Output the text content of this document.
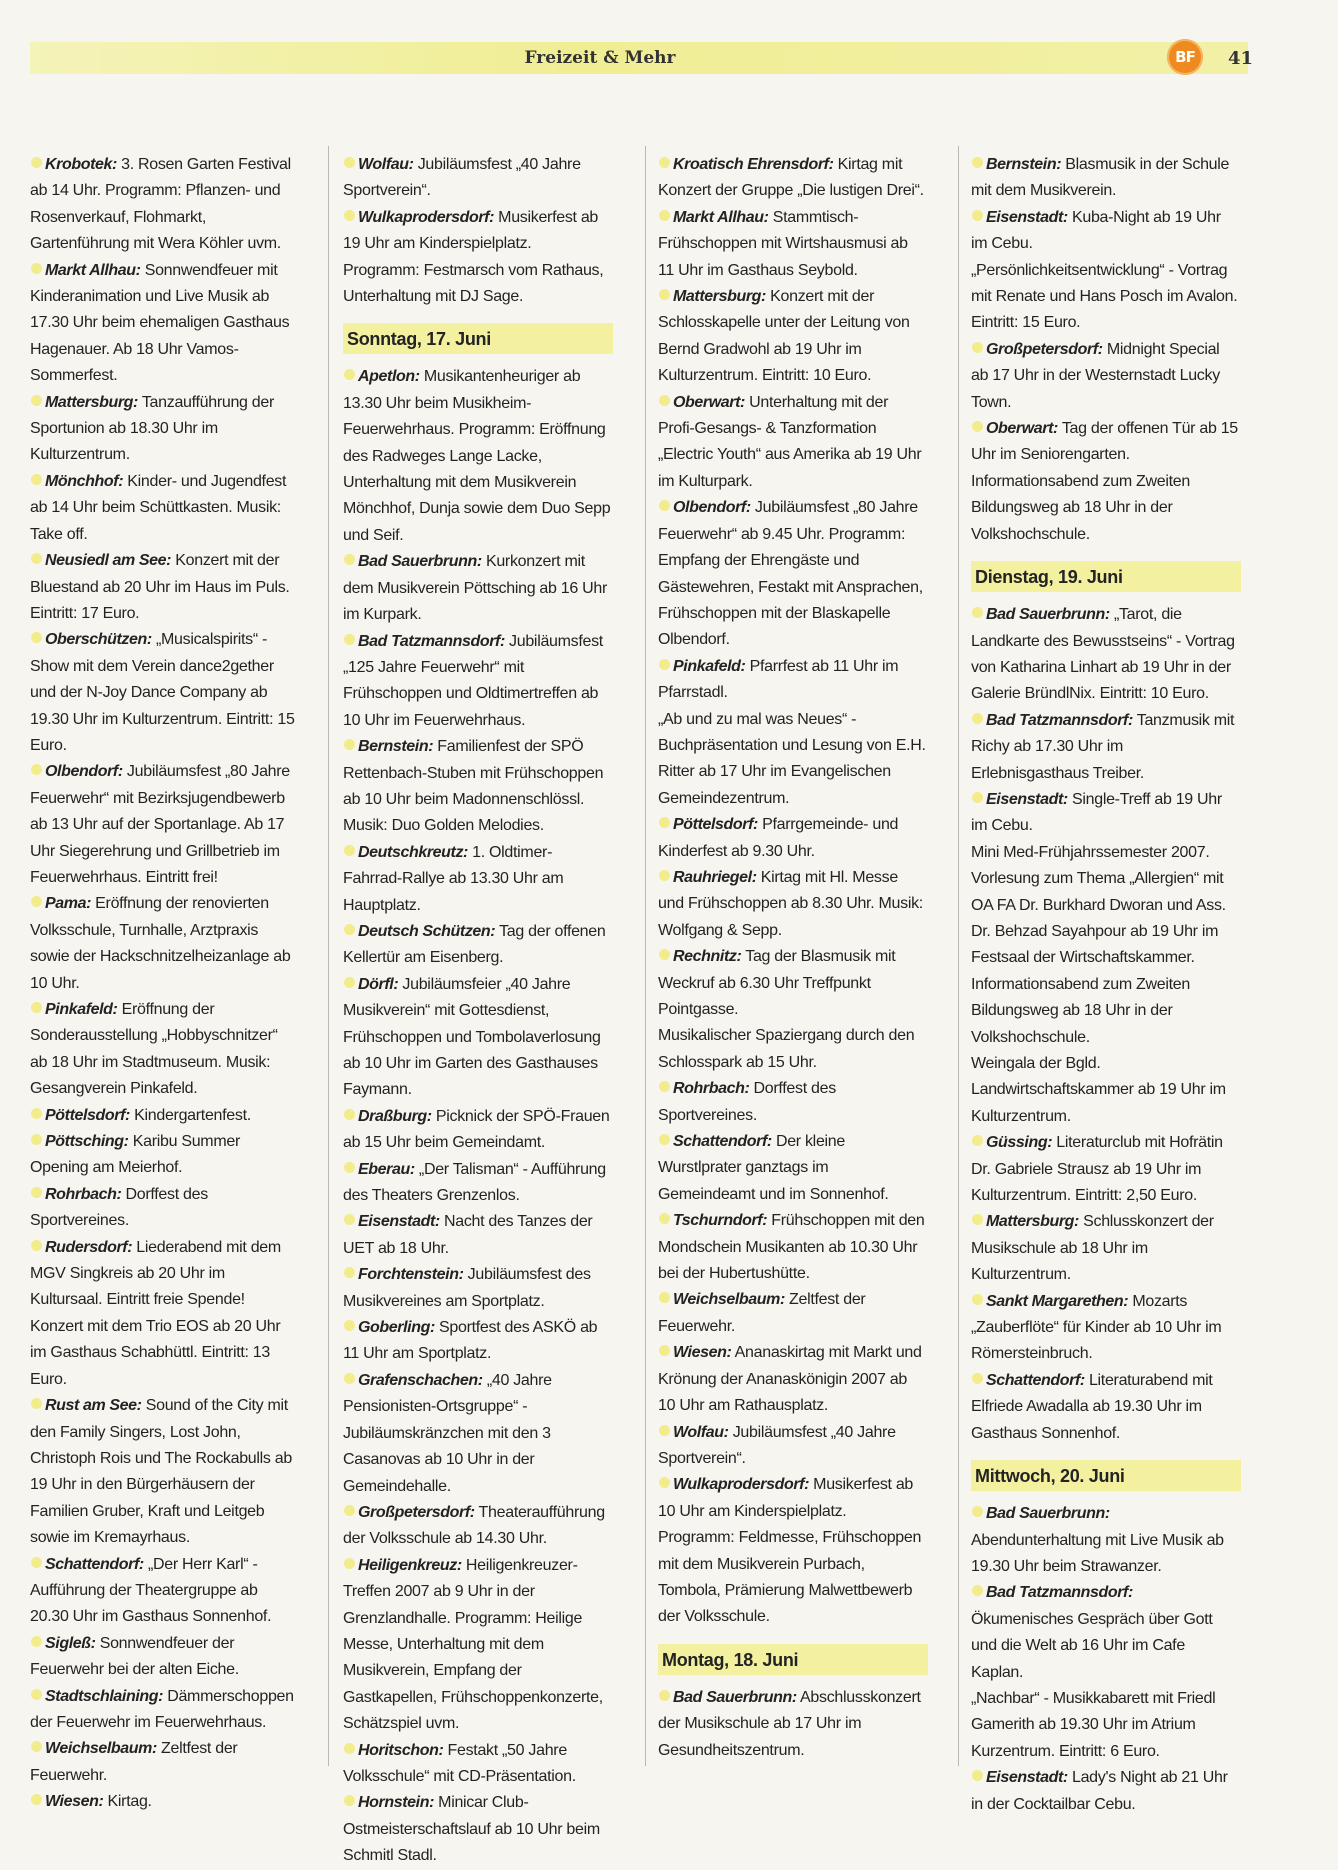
Freizeit & Mehr	BF	41

Krobotek: 3. Rosen Garten Festival ab 14 Uhr. Programm: Pflanzen- und Rosenverkauf, Flohmarkt, Gartenführung mit Wera Köhler uvm.

Markt Allhau: Sonnwendfeuer mit Kinderanimation und Live Musik ab 17.30 Uhr beim ehemaligen Gasthaus Hagenauer. Ab 18 Uhr Vamos-Sommerfest.

Mattersburg: Tanzaufführung der Sportunion ab 18.30 Uhr im Kulturzentrum.

Mönchhof: Kinder- und Jugendfest ab 14 Uhr beim Schüttkasten. Musik: Take off.

Neusiedl am See: Konzert mit der Bluestand ab 20 Uhr im Haus im Puls. Eintritt: 17 Euro.

Oberschützen: „Musicalspirits“ - Show mit dem Verein dance2gether und der N-Joy Dance Company ab 19.30 Uhr im Kulturzentrum. Eintritt: 15 Euro.

Olbendorf: Jubiläumsfest „80 Jahre Feuerwehr“ mit Bezirksjugendbewerb ab 13 Uhr auf der Sportanlage. Ab 17 Uhr Siegerehrung und Grillbetrieb im Feuerwehrhaus. Eintritt frei!

Pama: Eröffnung der renovierten Volksschule, Turnhalle, Arztpraxis sowie der Hackschnitzelheizanlage ab 10 Uhr.

Pinkafeld: Eröffnung der Sonderausstellung „Hobbyschnitzer“ ab 18 Uhr im Stadtmuseum. Musik: Gesangverein Pinkafeld.

Pöttelsdorf: Kindergartenfest.

Pöttsching: Karibu Summer Opening am Meierhof.

Rohrbach: Dorffest des Sportvereines.

Rudersdorf: Liederabend mit dem MGV Singkreis ab 20 Uhr im Kultursaal. Eintritt freie Spende!

Konzert mit dem Trio EOS ab 20 Uhr im Gasthaus Schabhüttl. Eintritt: 13 Euro.

Rust am See: Sound of the City mit den Family Singers, Lost John, Christoph Rois und The Rockabulls ab 19 Uhr in den Bürgerhäusern der Familien Gruber, Kraft und Leitgeb sowie im Kremayrhaus.

Schattendorf: „Der Herr Karl“ - Aufführung der Theatergruppe ab 20.30 Uhr im Gasthaus Sonnenhof.

Sigleß: Sonnwendfeuer der Feuerwehr bei der alten Eiche.

Stadtschlaining: Dämmerschoppen der Feuerwehr im Feuerwehrhaus.

Weichselbaum: Zeltfest der Feuerwehr.

Wiesen: Kirtag.

Wolfau: Jubiläumsfest „40 Jahre Sportverein“.

Wulkaprodersdorf: Musikerfest ab 19 Uhr am Kinderspielplatz. Programm: Festmarsch vom Rathaus, Unterhaltung mit DJ Sage.

Sonntag, 17. Juni

Apetlon: Musikantenheuriger ab 13.30 Uhr beim Musikheim-Feuerwehrhaus. Programm: Eröffnung des Radweges Lange Lacke, Unterhaltung mit dem Musikverein Mönchhof, Dunja sowie dem Duo Sepp und Seif.

Bad Sauerbrunn: Kurkonzert mit dem Musikverein Pöttsching ab 16 Uhr im Kurpark.

Bad Tatzmannsdorf: Jubiläumsfest „125 Jahre Feuerwehr“ mit Frühschoppen und Oldtimertreffen ab 10 Uhr im Feuerwehrhaus.

Bernstein: Familienfest der SPÖ Rettenbach-Stuben mit Frühschoppen ab 10 Uhr beim Madonnenschlössl. Musik: Duo Golden Melodies.

Deutschkreutz: 1. Oldtimer-Fahrrad-Rallye ab 13.30 Uhr am Hauptplatz.

Deutsch Schützen: Tag der offenen Kellertür am Eisenberg.

Dörfl: Jubiläumsfeier „40 Jahre Musikverein“ mit Gottesdienst, Frühschoppen und Tombolaverlosung ab 10 Uhr im Garten des Gasthauses Faymann.

Draßburg: Picknick der SPÖ-Frauen ab 15 Uhr beim Gemeindamt.

Eberau: „Der Talisman“ - Aufführung des Theaters Grenzenlos.

Eisenstadt: Nacht des Tanzes der UET ab 18 Uhr.

Forchtenstein: Jubiläumsfest des Musikvereines am Sportplatz.

Goberling: Sportfest des ASKÖ ab 11 Uhr am Sportplatz.

Grafenschachen: „40 Jahre Pensionisten-Ortsgruppe“ - Jubiläumskränzchen mit den 3 Casanovas ab 10 Uhr in der Gemeindehalle.

Großpetersdorf: Theateraufführung der Volksschule ab 14.30 Uhr.

Heiligenkreuz: Heiligenkreuzer-Treffen 2007 ab 9 Uhr in der Grenzlandhalle. Programm: Heilige Messe, Unterhaltung mit dem Musikverein, Empfang der Gastkapellen, Frühschoppenkonzerte, Schätzspiel uvm.

Horitschon: Festakt „50 Jahre Volksschule“ mit CD-Präsentation.

Hornstein: Minicar Club-Ostmeisterschaftslauf ab 10 Uhr beim Schmitl Stadl.

Kroatisch Ehrensdorf: Kirtag mit Konzert der Gruppe „Die lustigen Drei“.

Markt Allhau: Stammtisch-Frühschoppen mit Wirtshausmusi ab 11 Uhr im Gasthaus Seybold.

Mattersburg: Konzert mit der Schlosskapelle unter der Leitung von Bernd Gradwohl ab 19 Uhr im Kulturzentrum. Eintritt: 10 Euro.

Oberwart: Unterhaltung mit der Profi-Gesangs- & Tanzformation „Electric Youth“ aus Amerika ab 19 Uhr im Kulturpark.

Olbendorf: Jubiläumsfest „80 Jahre Feuerwehr“ ab 9.45 Uhr. Programm: Empfang der Ehrengäste und Gästewehren, Festakt mit Ansprachen, Frühschoppen mit der Blaskapelle Olbendorf.

Pinkafeld: Pfarrfest ab 11 Uhr im Pfarrstadl.

„Ab und zu mal was Neues“ - Buchpräsentation und Lesung von E.H. Ritter ab 17 Uhr im Evangelischen Gemeindezentrum.

Pöttelsdorf: Pfarrgemeinde- und Kinderfest ab 9.30 Uhr.

Rauhriegel: Kirtag mit Hl. Messe und Frühschoppen ab 8.30 Uhr. Musik: Wolfgang & Sepp.

Rechnitz: Tag der Blasmusik mit Weckruf ab 6.30 Uhr Treffpunkt Pointgasse.

Musikalischer Spaziergang durch den Schlosspark ab 15 Uhr.

Rohrbach: Dorffest des Sportvereines.

Schattendorf: Der kleine Wurstlprater ganztags im Gemeindeamt und im Sonnenhof.

Tschurndorf: Frühschoppen mit den Mondschein Musikanten ab 10.30 Uhr bei der Hubertushütte.

Weichselbaum: Zeltfest der Feuerwehr.

Wiesen: Ananaskirtag mit Markt und Krönung der Ananaskönigin 2007 ab 10 Uhr am Rathausplatz.

Wolfau: Jubiläumsfest „40 Jahre Sportverein“.

Wulkaprodersdorf: Musikerfest ab 10 Uhr am Kinderspielplatz. Programm: Feldmesse, Frühschoppen mit dem Musikverein Purbach, Tombola, Prämierung Malwettbewerb der Volksschule.

Montag, 18. Juni

Bad Sauerbrunn: Abschlusskonzert der Musikschule ab 17 Uhr im Gesundheitszentrum.

Bernstein: Blasmusik in der Schule mit dem Musikverein.

Eisenstadt: Kuba-Night ab 19 Uhr im Cebu.

„Persönlichkeitsentwicklung“ - Vortrag mit Renate und Hans Posch im Avalon. Eintritt: 15 Euro.

Großpetersdorf: Midnight Special ab 17 Uhr in der Westernstadt Lucky Town.

Oberwart: Tag der offenen Tür ab 15 Uhr im Seniorengarten.

Informationsabend zum Zweiten Bildungsweg ab 18 Uhr in der Volkshochschule.

Dienstag, 19. Juni

Bad Sauerbrunn: „Tarot, die Landkarte des Bewusstseins“ - Vortrag von Katharina Linhart ab 19 Uhr in der Galerie BründlNix. Eintritt: 10 Euro.

Bad Tatzmannsdorf: Tanzmusik mit Richy ab 17.30 Uhr im Erlebnisgasthaus Treiber.

Eisenstadt: Single-Treff ab 19 Uhr im Cebu.

Mini Med-Frühjahrssemester 2007. Vorlesung zum Thema „Allergien“ mit OA FA Dr. Burkhard Dworan und Ass. Dr. Behzad Sayahpour ab 19 Uhr im Festsaal der Wirtschaftskammer.

Informationsabend zum Zweiten Bildungsweg ab 18 Uhr in der Volkshochschule.

Weingala der Bgld. Landwirtschaftskammer ab 19 Uhr im Kulturzentrum.

Güssing: Literaturclub mit Hofrätin Dr. Gabriele Strausz ab 19 Uhr im Kulturzentrum. Eintritt: 2,50 Euro.

Mattersburg: Schlusskonzert der Musikschule ab 18 Uhr im Kulturzentrum.

Sankt Margarethen: Mozarts „Zauberflöte“ für Kinder ab 10 Uhr im Römersteinbruch.

Schattendorf: Literaturabend mit Elfriede Awadalla ab 19.30 Uhr im Gasthaus Sonnenhof.

Mittwoch, 20. Juni

Bad Sauerbrunn: Abendunterhaltung mit Live Musik ab 19.30 Uhr beim Strawanzer.

Bad Tatzmannsdorf: Ökumenisches Gespräch über Gott und die Welt ab 16 Uhr im Cafe Kaplan.

„Nachbar“ - Musikkabarett mit Friedl Gamerith ab 19.30 Uhr im Atrium Kurzentrum. Eintritt: 6 Euro.

Eisenstadt: Lady's Night ab 21 Uhr in der Cocktailbar Cebu.
